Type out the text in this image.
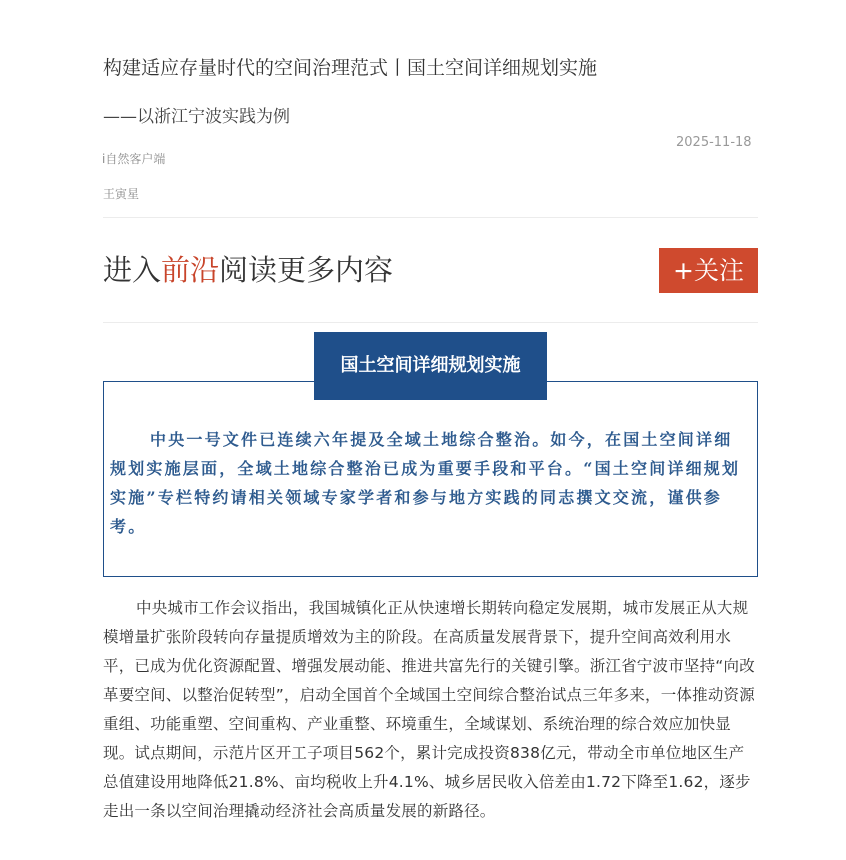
构建适应存量时代的空间治理范式丨国土空间详细规划实施
——以浙江宁波实践为例
2025-11-18
i自然客户端
王寅星
进入前沿阅读更多内容	+关注
国土空间详细规划实施

中央一号文件已连续六年提及全域土地综合整治。如今，在国土空间详细规划实施层面，全域土地综合整治已成为重要手段和平台。“国土空间详细规划实施”专栏特约请相关领域专家学者和参与地方实践的同志撰文交流，谨供参考。

中央城市工作会议指出，我国城镇化正从快速增长期转向稳定发展期，城市发展正从大规模增量扩张阶段转向存量提质增效为主的阶段。在高质量发展背景下，提升空间高效利用水平，已成为优化资源配置、增强发展动能、推进共富先行的关键引擎。浙江省宁波市坚持“向改革要空间、以整治促转型”，启动全国首个全域国土空间综合整治试点三年多来，一体推动资源重组、功能重塑、空间重构、产业重整、环境重生，全域谋划、系统治理的综合效应加快显现。试点期间，示范片区开工子项目562个，累计完成投资838亿元，带动全市单位地区生产总值建设用地降低21.8%、亩均税收上升4.1%、城乡居民收入倍差由1.72下降至1.62，逐步走出一条以空间治理撬动经济社会高质量发展的新路径。
